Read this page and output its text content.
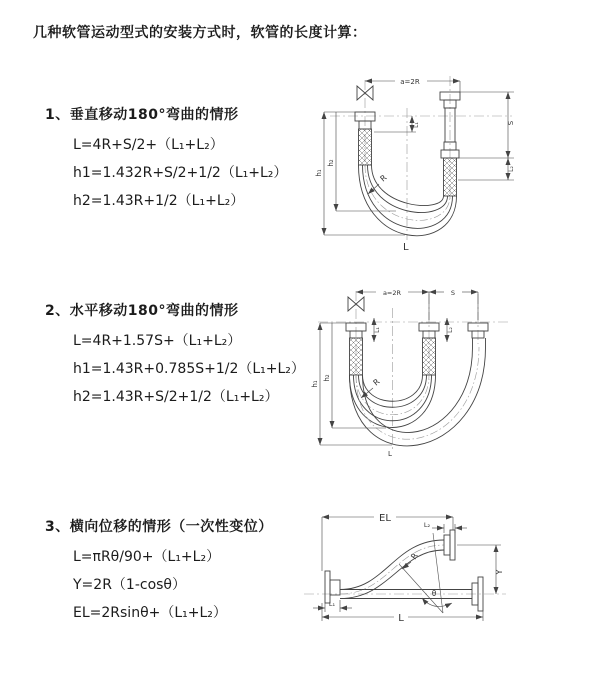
几种软管运动型式的安装方式时，软管的长度计算：
1、垂直移动180°弯曲的情形
L=4R+S/2+（L₁+L₂）
h1=1.432R+S/2+1/2（L₁+L₂）
h2=1.43R+1/2（L₁+L₂）
a=2R
h₁
h₂
L₁	S
L₂
R
L
2、水平移动180°弯曲的情形
L=4R+1.57S+（L₁+L₂）
h1=1.43R+0.785S+1/2（L₁+L₂）
h2=1.43R+S/2+1/2（L₁+L₂）
a=2R	S
h₁
h₂
L₁	L₂
R
L
3、横向位移的情形（一次性变位）
L=πRθ/90+（L₁+L₂）
Y=2R（1-cosθ）
EL=2Rsinθ+（L₁+L₂）
EL
L₂
Y
R
θ
L
L₁
